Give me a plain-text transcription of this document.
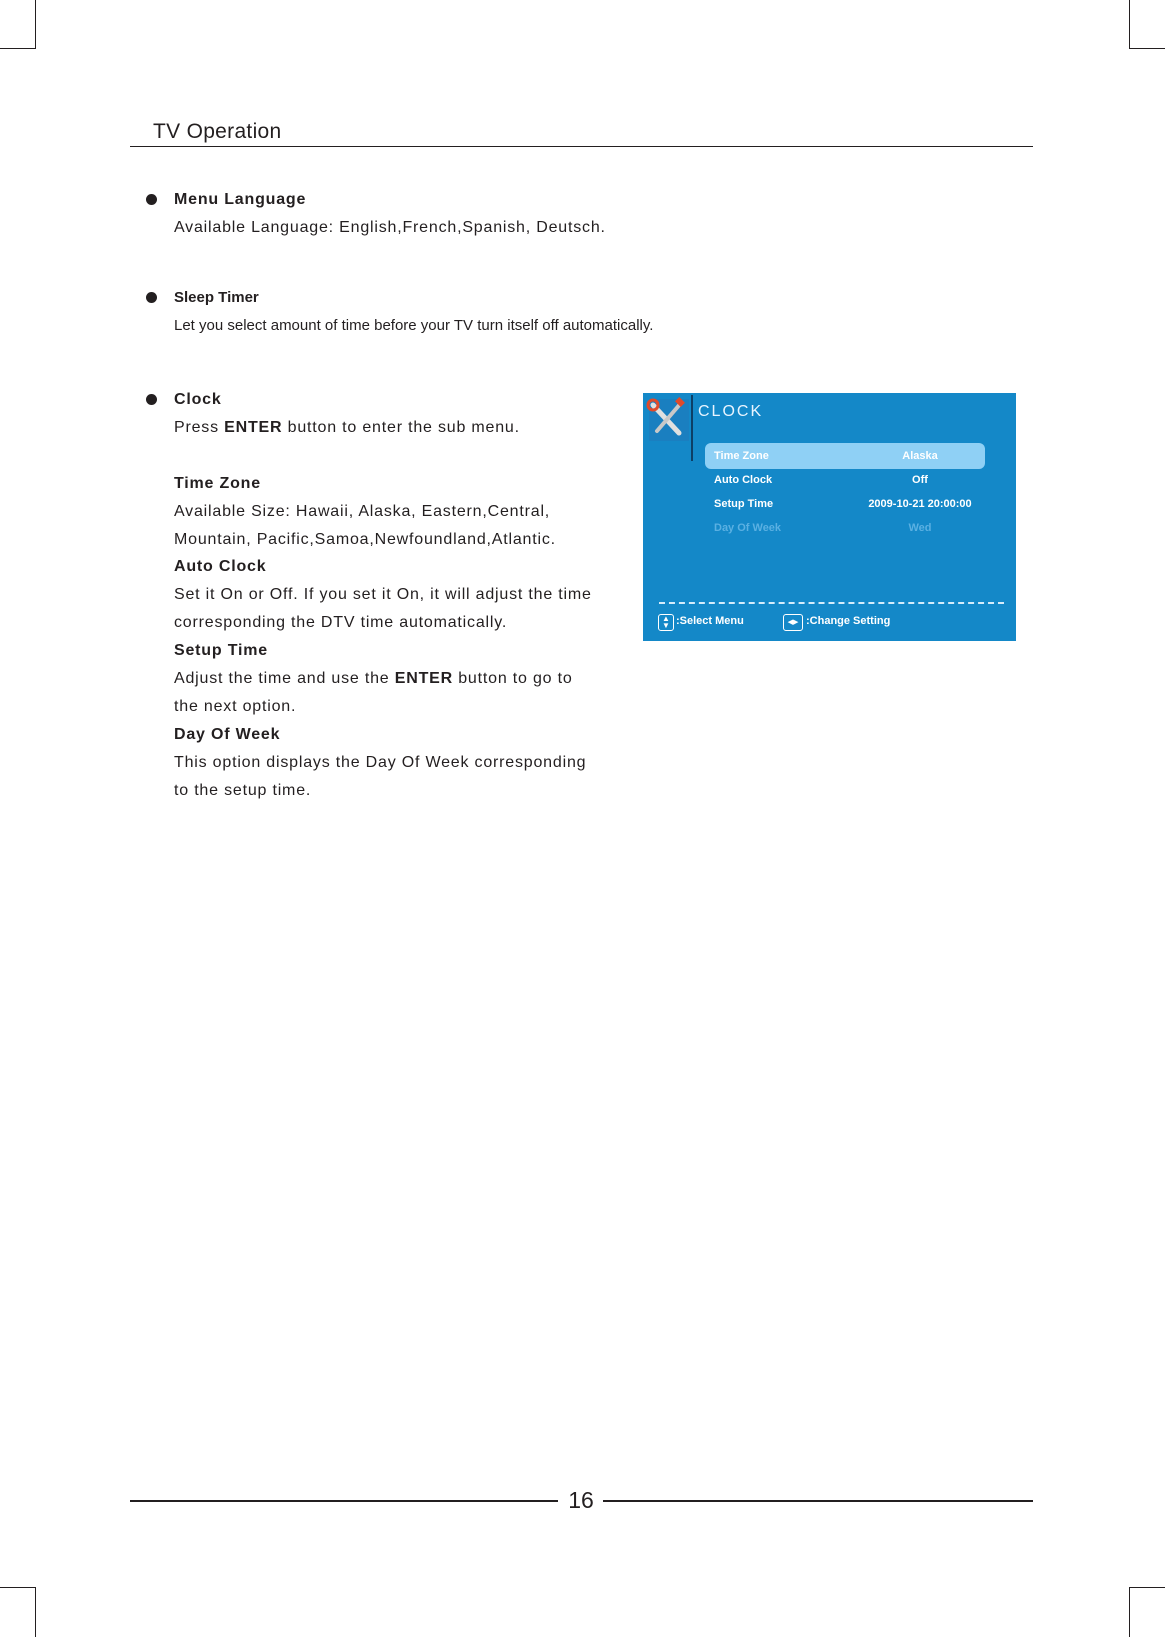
TV Operation
Menu Language
Available Language: English,French,Spanish, Deutsch.
Sleep Timer
Let you select amount of time before your TV turn itself off automatically.
Clock
Press ENTER button to enter the sub menu.
Time Zone
Available Size: Hawaii, Alaska, Eastern,Central,
Mountain, Pacific,Samoa,Newfoundland,Atlantic.
Auto Clock
Set it On or Off. If you set it On, it will adjust the time
corresponding the DTV time automatically.
Setup Time
Adjust the time and use the ENTER button to go to
the next option.
Day Of Week
This option displays the Day Of Week corresponding
to the setup time.
CLOCK
Time Zone	Alaska
Auto Clock	Off
Setup Time	2009-10-21 20:00:00
Day Of Week	Wed
▲
▼ :Select Menu	◀▶ :Change Setting
16
